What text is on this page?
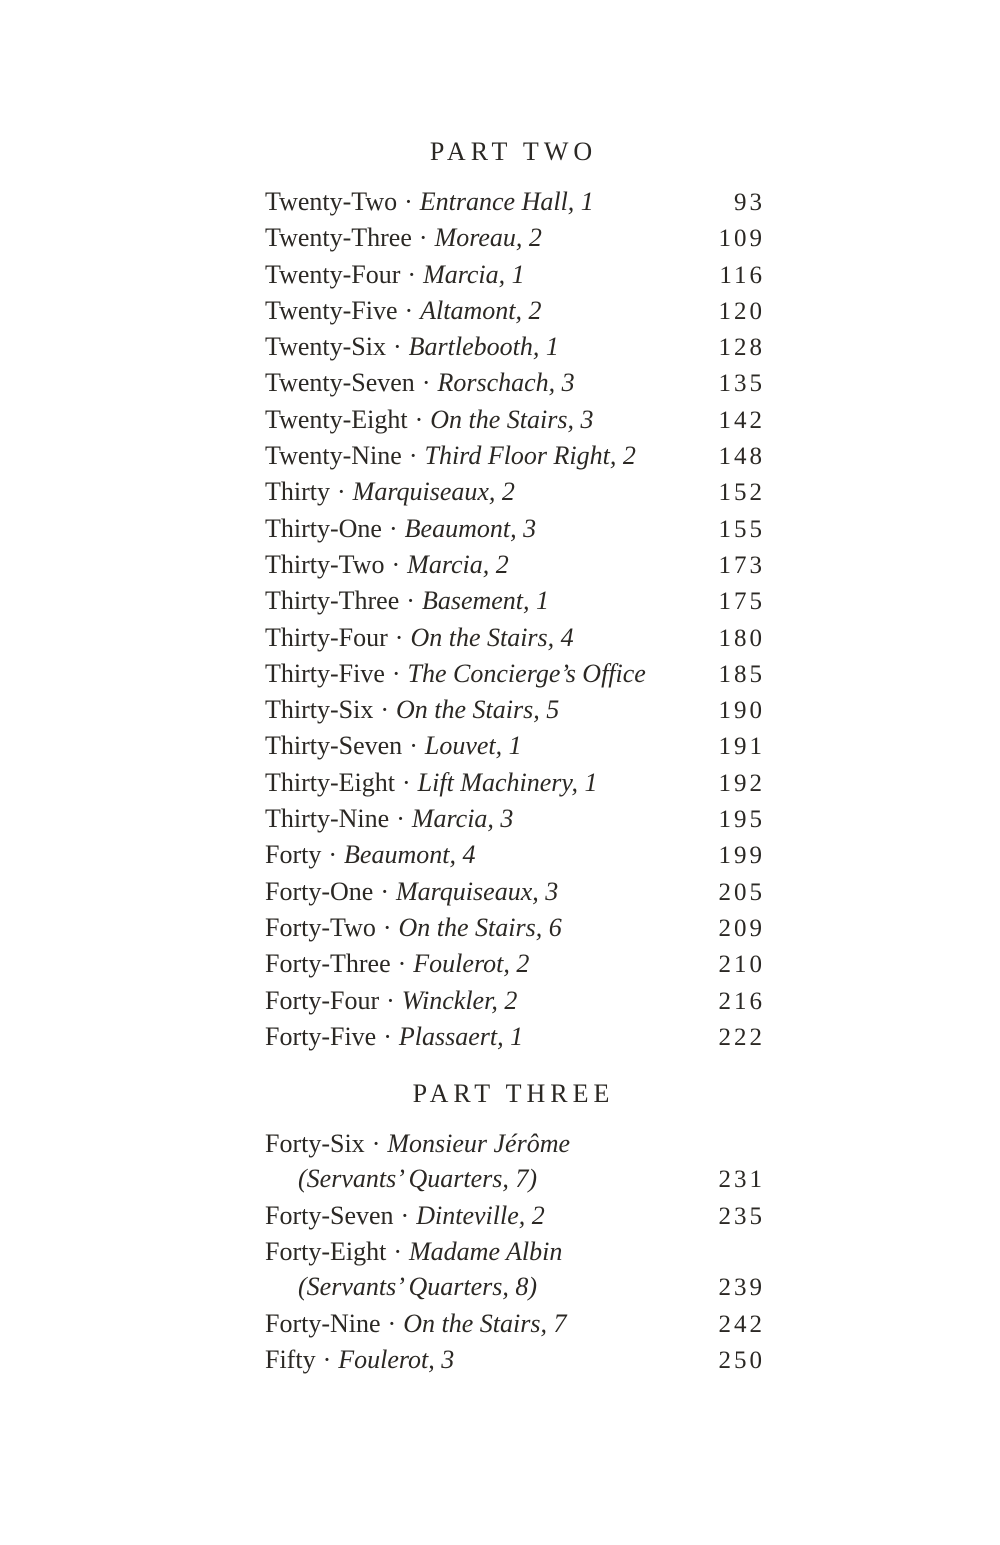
PART TWO
Twenty-Two · Entrance Hall, 1	93
Twenty-Three · Moreau, 2	109
Twenty-Four · Marcia, 1	116
Twenty-Five · Altamont, 2	120
Twenty-Six · Bartlebooth, 1	128
Twenty-Seven · Rorschach, 3	135
Twenty-Eight · On the Stairs, 3	142
Twenty-Nine · Third Floor Right, 2	148
Thirty · Marquiseaux, 2	152
Thirty-One · Beaumont, 3	155
Thirty-Two · Marcia, 2	173
Thirty-Three · Basement, 1	175
Thirty-Four · On the Stairs, 4	180
Thirty-Five · The Concierge’s Office	185
Thirty-Six · On the Stairs, 5	190
Thirty-Seven · Louvet, 1	191
Thirty-Eight · Lift Machinery, 1	192
Thirty-Nine · Marcia, 3	195
Forty · Beaumont, 4	199
Forty-One · Marquiseaux, 3	205
Forty-Two · On the Stairs, 6	209
Forty-Three · Foulerot, 2	210
Forty-Four · Winckler, 2	216
Forty-Five · Plassaert, 1	222
PART THREE
Forty-Six · Monsieur Jérôme
(Servants’ Quarters, 7)	231
Forty-Seven · Dinteville, 2	235
Forty-Eight · Madame Albin
(Servants’ Quarters, 8)	239
Forty-Nine · On the Stairs, 7	242
Fifty · Foulerot, 3	250
